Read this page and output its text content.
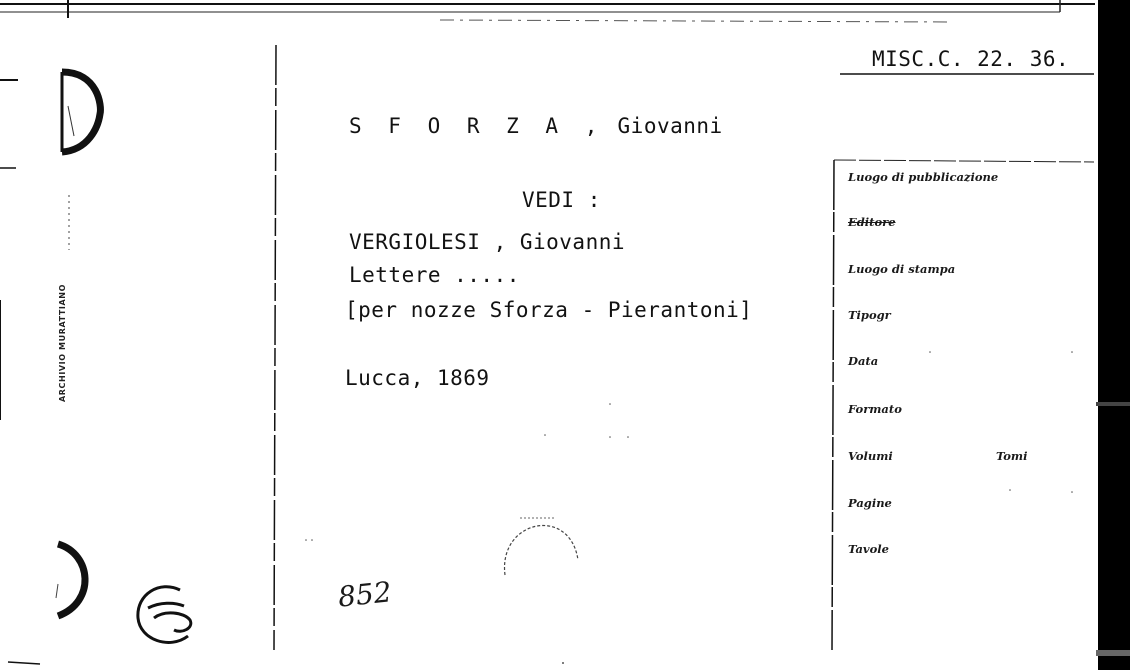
ARCHIVIO MURATTIANO
MISC.C. 22. 36.
S F O R Z A , Giovanni
VEDI :
VERGIOLESI , Giovanni
Lettere .....
[per nozze Sforza - Pierantoni]
Lucca, 1869
852
Luogo di pubblicazione
Editore
Luogo di stampa
Tipogr
Data
Formato
Volumi	Tomi
Pagine
Tavole
